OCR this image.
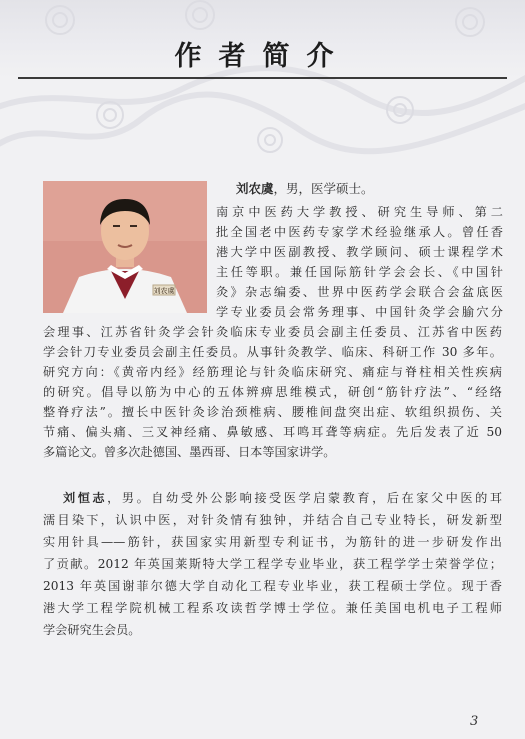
作者简介
刘农虞
刘农虞，男，医学硕士。
南京中医药大学教授、研究生导师、第二
批全国老中医药专家学术经验继承人。曾任香
港大学中医副教授、教学顾问、硕士课程学术
主任等职。兼任国际筋针学会会长、《中国针
灸》杂志编委、世界中医药学会联合会盆底医
学专业委员会常务理事、中国针灸学会腧穴分
会理事、江苏省针灸学会针灸临床专业委员会副主任委员、江苏省中医药
学会针刀专业委员会副主任委员。从事针灸教学、临床、科研工作 30 多年。
研究方向：《黄帝内经》经筋理论与针灸临床研究、痛症与脊柱相关性疾病
的研究。倡导以筋为中心的五体辨痹思维模式，研创“筋针疗法”、“经络
整脊疗法”。擅长中医针灸诊治颈椎病、腰椎间盘突出症、软组织损伤、关
节痛、偏头痛、三叉神经痛、鼻敏感、耳鸣耳聋等病症。先后发表了近 50
多篇论文。曾多次赴德国、墨西哥、日本等国家讲学。
刘恒志，男。自幼受外公影响接受医学启蒙教育，后在家父中医的耳
濡目染下，认识中医，对针灸情有独钟，并结合自己专业特长，研发新型
实用针具——筋针，获国家实用新型专利证书，为筋针的进一步研发作出
了贡献。2012 年英国莱斯特大学工程学专业毕业，获工程学学士荣誉学位；
2013 年英国谢菲尔德大学自动化工程专业毕业，获工程硕士学位。现于香
港大学工程学院机械工程系攻读哲学博士学位。兼任美国电机电子工程师
学会研究生会员。
3
